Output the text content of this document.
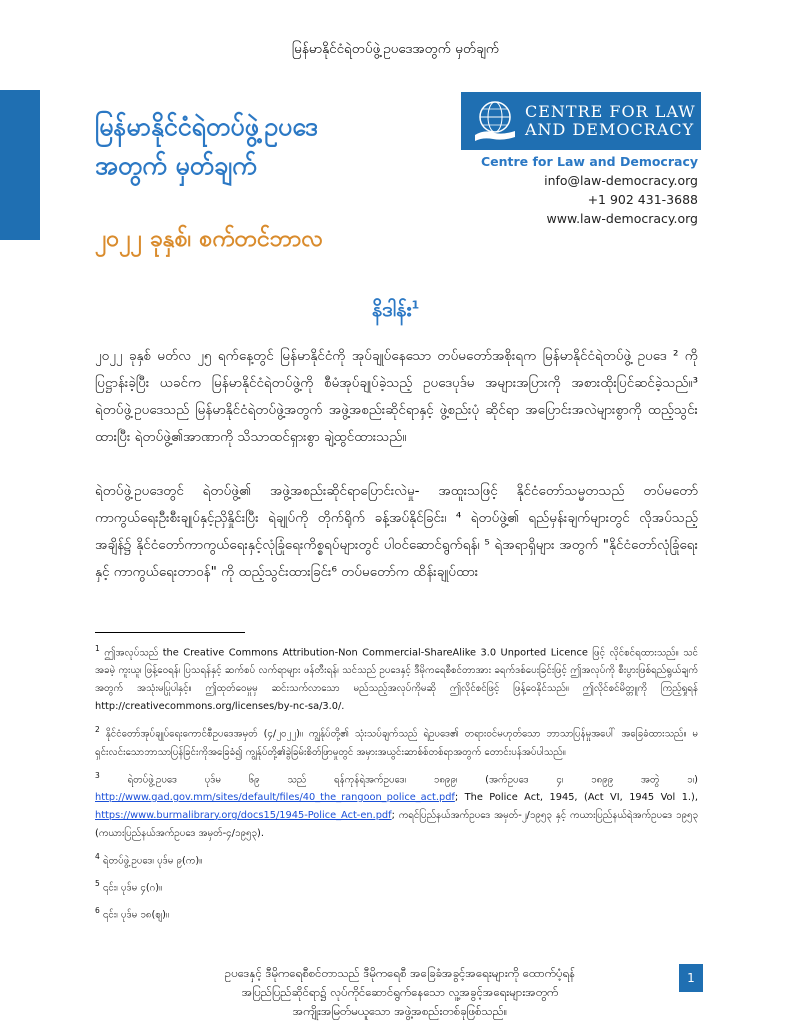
မြန်မာနိုင်ငံရဲတပ်ဖွဲ့ဥပဒေအတွက် မှတ်ချက်
မြန်မာနိုင်ငံရဲတပ်ဖွဲ့ဥပဒေ
အတွက် မှတ်ချက်
၂၀၂၂ ခုနှစ်၊ စက်တင်ဘာလ
CENTRE FOR LAW
AND DEMOCRACY
Centre for Law and Democracy
info@law-democracy.org
+1 902 431-3688
www.law-democracy.org
နိဒါန်း$^1$

၂၀၂၂ ခုနှစ် မတ်လ ၂၅ ရက်နေ့တွင် မြန်မာနိုင်ငံကို အုပ်ချုပ်နေသော တပ်မတော်အစိုးရက မြန်မာနိုင်ငံရဲတပ်ဖွဲ့ ဥပဒေ ² ကို ပြဋ္ဌာန်းခဲ့ပြီး ယခင်က မြန်မာနိုင်ငံရဲတပ်ဖွဲ့ကို စီမံအုပ်ချုပ်ခဲ့သည့် ဥပဒေပုဒ်မ အများအပြားကို အစားထိုးပြင်ဆင်ခဲ့သည်။³ ရဲတပ်ဖွဲ့ဥပဒေသည် မြန်မာနိုင်ငံရဲတပ်ဖွဲ့အတွက် အဖွဲ့အစည်းဆိုင်ရာနှင့် ဖွဲ့စည်းပုံ ဆိုင်ရာ အပြောင်းအလဲများစွာကို ထည့်သွင်းထားပြီး ရဲတပ်ဖွဲ့၏အာဏာကို သိသာထင်ရှားစွာ ချဲ့ထွင်ထားသည်။

ရဲတပ်ဖွဲ့ဥပဒေတွင် ရဲတပ်ဖွဲ့၏ အဖွဲ့အစည်းဆိုင်ရာပြောင်းလဲမှု- အထူးသဖြင့် နိုင်ငံတော်သမ္မတသည် တပ်မတော် ကာကွယ်ရေးဦးစီးချုပ်နှင့်ညှိနှိုင်းပြီး ရဲချုပ်ကို တိုက်ရိုက် ခန့်အပ်နိုင်ခြင်း၊ ⁴ ရဲတပ်ဖွဲ့၏ ရည်မှန်းချက်များတွင် လိုအပ်သည့်အချိန်၌ နိုင်ငံတော်ကာကွယ်ရေးနှင့်လုံခြုံရေးကိစ္စရပ်များတွင် ပါဝင်ဆောင်ရွက်ရန်၊ ⁵ ရဲအရာရှိများ အတွက် "နိုင်ငံတော်လုံခြုံရေးနှင့် ကာကွယ်ရေးတာဝန်" ကို ထည့်သွင်းထားခြင်း⁶ တပ်မတော်က ထိန်းချုပ်ထား

$^1$ ဤအလုပ်သည် the Creative Commons Attribution-Non Commercial-ShareAlike 3.0 Unported Licence ဖြင့် လိုင်စင်ရထားသည်။ သင် အခမဲ့ ကူးယူ၊ ဖြန့်ဝေရန်၊ ပြသရန်နှင့် ဆက်စပ် လက်ရာများ ဖန်တီးရန်၊ သင်သည် ဥပဒေနှင့် ဒီမိုကရေစီစင်တာအား ခရက်ဒစ်ပေးခြင်းဖြင့် ဤအလုပ်ကို စီးပွားဖြစ်ရည်ရွယ်ချက်အတွက် အသုံးမပြုပါနှင့်။ ဤထုတ်ဝေမှုမှ ဆင်းသက်လာသော မည်သည့်အလုပ်ကိုမဆို ဤလိုင်စင်ဖြင့် ဖြန့်ဝေနိုင်သည်။ ဤလိုင်စင်မိတ္တူကို ကြည့်ရှုရန် http://creativecommons.org/licenses/by-nc-sa/3.0/.

$^2$ နိုင်ငံတော်အုပ်ချုပ်ရေးကောင်စီဥပဒေအမှတ် (၄/၂၀၂၂)။ ကျွန်ုပ်တို့၏ သုံးသပ်ချက်သည် ရဲဥပဒေ၏ တရားဝင်မဟုတ်သော ဘာသာပြန်မှုအပေါ် အခြေခံထားသည်။ မရှင်းလင်းသောဘာသာပြန်ခြင်းကိုအခြေခံ၍ ကျွန်ုပ်တို့၏ခွဲခြမ်းစိတ်ဖြာမှုတွင် အမှားအယွင်းဆာစ်စ်တစ်ရာအတွက် တောင်းပန်အပ်ပါသည်။

$^3$	ရဲတပ်ဖွဲ့ဥပဒေ ပုဒ်မ ၆၉ သည် ရန်ကုန်ရဲအက်ဥပဒေ၊ ၁၈၉၉၊ (အက်ဥပဒေ ၄၊ ၁၈၉၉ အတွဲ ၁၊) http://www.gad.gov.mm/sites/default/files/40_the_rangoon_police_act.pdf; The Police Act, 1945, (Act VI, 1945 Vol 1.), https://www.burmalibrary.org/docs15/1945-Police_Act-en.pdf; ကရင်ပြည်နယ်အက်ဥပဒေ အမှတ်-၂/၁၉၅၃ နှင့် ကယားပြည်နယ်ရဲအက်ဥပဒေ ၁၉၅၃ (ကယားပြည်နယ်အက်ဥပဒေ အမှတ်-၄/၁၉၅၃).

$^4$ ရဲတပ်ဖွဲ့ဥပဒေ၊ ပုဒ်မ ၉(က)။

$^5$ ၎င်း၊ ပုဒ်မ ၄(ဂ)။

$^6$ ၎င်း၊ ပုဒ်မ ၁၈(ဈ)။

ဥပဒေနှင့် ဒီမိုကရေစီစင်တာသည် ဒီမိုကရေစီ အခြေခံအခွင့်အရေးများကို ထောက်ပံ့ရန်
အပြည်ပြည်ဆိုင်ရာ၌ လုပ်ကိုင်ဆောင်ရွက်နေသော လူ့အခွင့်အရေးများအတွက်
အကျိုးအမြတ်မယူသော အဖွဲ့အစည်းတစ်ခုဖြစ်သည်။
1
